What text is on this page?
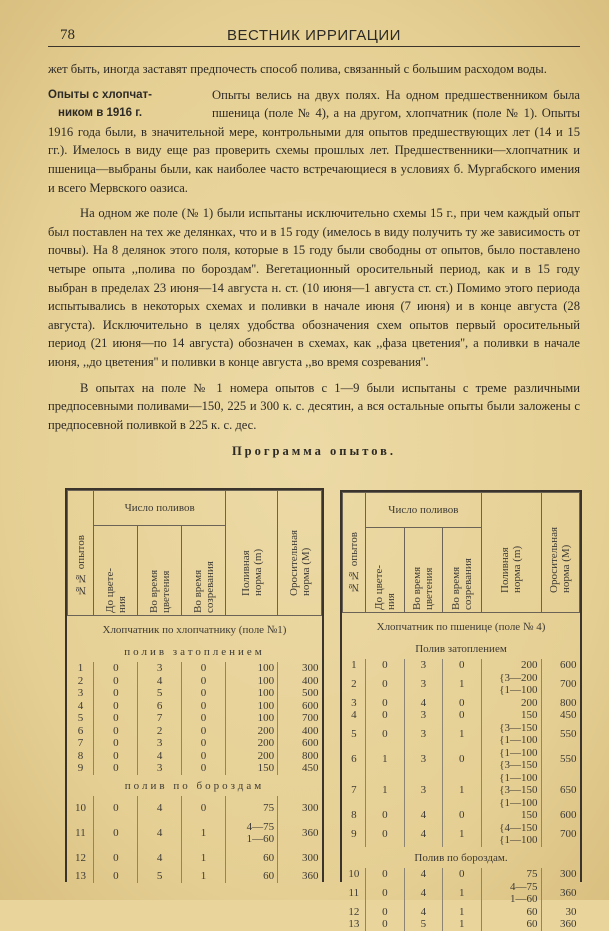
78	ВЕСТНИК ИРРИГАЦИИ

жет быть, иногда заставят предпочесть способ полива, связанный с большим расходом воды.

Опыты с хлопчат-
ником в 1916 г.
Опыты велись на двух полях. На одном предшественником была пшеница (поле № 4), а на другом, хлопчатник (поле № 1). Опыты 1916 года были, в значительной мере, контрольными для опытов предшествующих лет (14 и 15 гг.). Имелось в виду еще раз проверить схемы прошлых лет. Предшественники—хлопчатник и пшеница—выбраны были, как наиболее часто встречающиеся в условиях б. Мургабского имения и всего Мервского оазиса.

На одном же поле (№ 1) были испытаны исключительно схемы 15 г., при чем каждый опыт был поставлен на тех же делянках, что и в 15 году (имелось в виду получить ту же зависимость от почвы). На 8 делянок этого поля, которые в 15 году были свободны от опытов, было поставлено четыре опыта ,,полива по бороздам''. Вегетационный оросительный период, как и в 15 году выбран в пределах 23 июня—14 августа н. ст. (10 июня—1 августа ст. ст.) Помимо этого периода испытывались в некоторых схемах и поливки в начале июня (7 июня) и в конце августа (28 августа). Исключительно в целях удобства обозначения схем опытов первый оросительный период (21 июня—по 14 августа) обозначен в схемах, как ,,фаза цветения'', а поливки в начале июня, ,,до цветения'' и поливки в конце августа ,,во время созревания''.

В опытах на поле № 1 номера опытов с 1—9 были испытаны с треме различными предпосевными поливами—150, 225 и 300 к. с. десятин, а вся остальные опыты были заложены с предпосевной поливкой в 225 к. с. дес.

Программа опытов.
№№ опытов	Число поливов			Поливная
норма (m)	Оросительная
норма (M)

	До цвете-
ния	Во время
цветения	Во время
созревания		

Хлопчатник по хлопчатнику (поле №1)					
полив затоплением					
1	0	3	0	100	300
2	0	4	0	100	400
3	0	5	0	100	500
4	0	6	0	100	600
5	0	7	0	100	700
6	0	2	0	200	400
7	0	3	0	200	600
8	0	4	0	200	800
9	0	3	0	150	450
полив по бороздам					
10	0	4	0	75	300
11	0	4	1	4—75
1—60	360
12	0	4	1	60	300
13	0	5	1	60	360
№№ опытов	Число поливов			Поливная
норма (m)	Оросительная
норма (M)

	До цвете-
ния	Во время
цветения	Во время
созревания		

Хлопчатник по пшенице (поле № 4)					
Полив затоплением					
1	0	3	0	200	600
2	0	3	1	{3—200
{1—100	700
3	0	4	0	200	800
4	0	3	0	150	450
5	0	3	1	{3—150
{1—100	550
6	1	3	0	{1—100
{3—150	550
7	1	3	1	{1—100
{3—150
{1—100	650
8	0	4	0	150	600
9	0	4	1	{4—150
{1—100	700
Полив по бороздам.					
10	0	4	0	75	300
11	0	4	1	4—75
1—60	360
12	0	4	1	60	30
13	0	5	1	60	360
